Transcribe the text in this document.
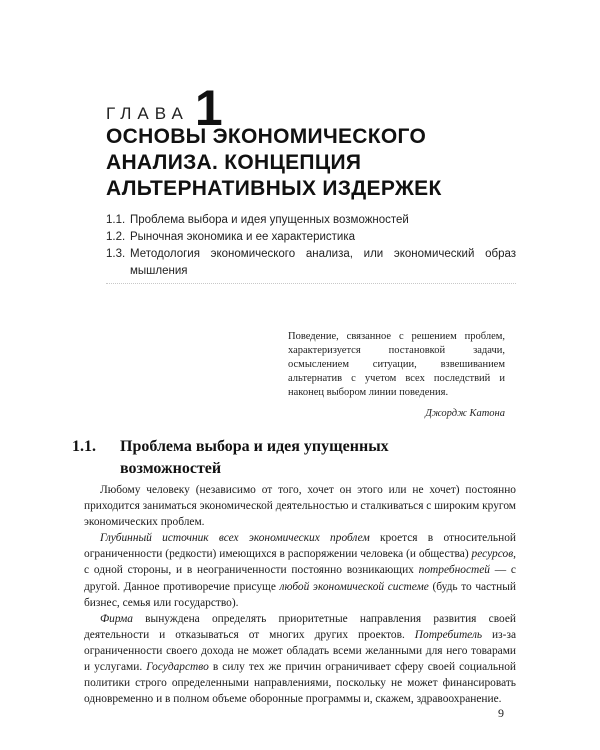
ГЛАВА 1
ОСНОВЫ ЭКОНОМИЧЕСКОГО
АНАЛИЗА. КОНЦЕПЦИЯ
АЛЬТЕРНАТИВНЫХ ИЗДЕРЖЕК
1.1. Проблема выбора и идея упущенных возможностей
1.2. Рыночная экономика и ее характеристика
1.3. Методология экономического анализа, или экономический образ мышления
Поведение, связанное с решением проблем, характеризуется постановкой задачи, осмыслением ситуации, взвешиванием альтернатив с учетом всех последствий и наконец выбором линии поведения.
Джордж Катона
1.1.	Проблема выбора и идея упущенных возможностей

Любому человеку (независимо от того, хочет он этого или не хочет) постоянно приходится заниматься экономической деятельностью и сталкиваться с широким кругом экономических проблем.

Глубинный источник всех экономических проблем кроется в относительной ограниченности (редкости) имеющихся в распоряжении человека (и общества) ресурсов, с одной стороны, и в неограниченности постоянно возникающих потребностей — с другой. Данное противоречие присуще любой экономической системе (будь то частный бизнес, семья или государство).

Фирма вынуждена определять приоритетные направления развития своей деятельности и отказываться от многих других проектов. Потребитель из-за ограниченности своего дохода не может обладать всеми желанными для него товарами и услугами. Государство в силу тех же причин ограничивает сферу своей социальной политики строго определенными направлениями, поскольку не может финансировать одновременно и в полном объеме оборонные программы и, скажем, здравоохранение.

9
